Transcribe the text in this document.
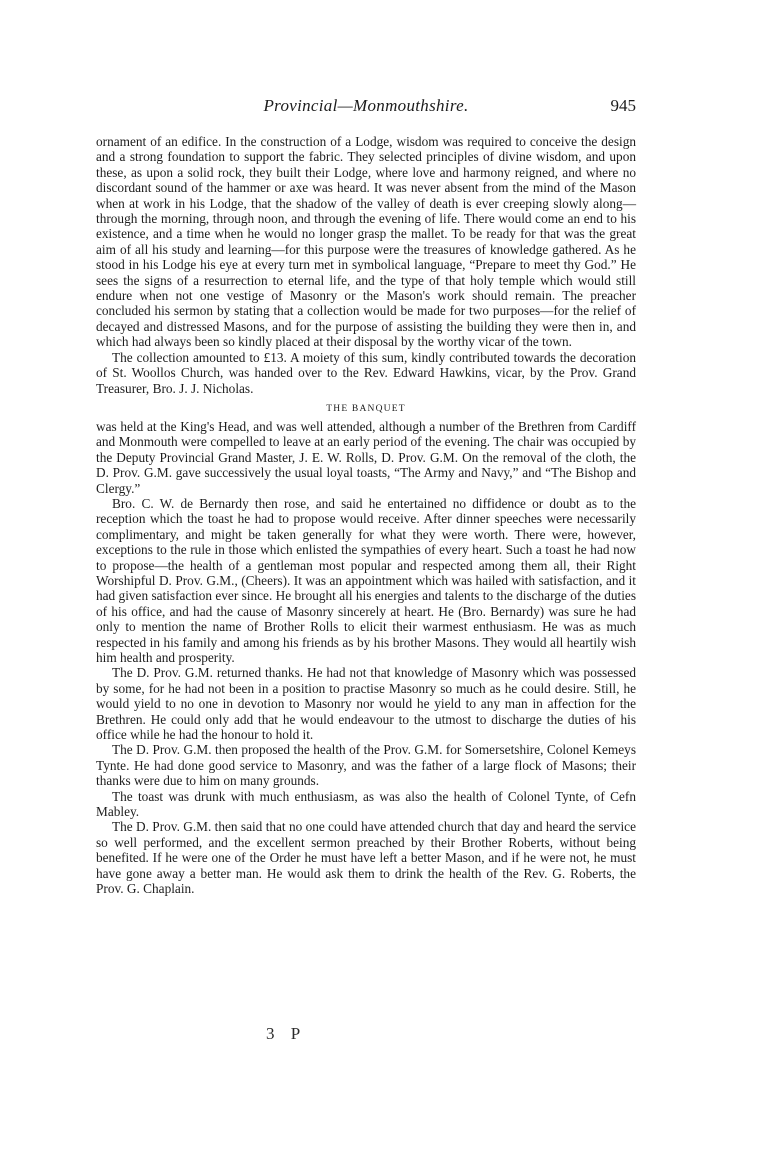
Provincial—Monmouthshire.	945

ornament of an edifice. In the construction of a Lodge, wisdom was required to conceive the design and a strong foundation to support the fabric. They selected principles of divine wisdom, and upon these, as upon a solid rock, they built their Lodge, where love and harmony reigned, and where no discordant sound of the hammer or axe was heard. It was never absent from the mind of the Mason when at work in his Lodge, that the shadow of the valley of death is ever creeping slowly along—through the morning, through noon, and through the evening of life. There would come an end to his existence, and a time when he would no longer grasp the mallet. To be ready for that was the great aim of all his study and learning—for this purpose were the treasures of knowledge gathered. As he stood in his Lodge his eye at every turn met in symbolical language, “Prepare to meet thy God.” He sees the signs of a resurrection to eternal life, and the type of that holy temple which would still endure when not one vestige of Masonry or the Mason's work should remain. The preacher concluded his sermon by stating that a collection would be made for two purposes—for the relief of decayed and distressed Masons, and for the purpose of assisting the building they were then in, and which had always been so kindly placed at their disposal by the worthy vicar of the town.

The collection amounted to £13. A moiety of this sum, kindly contributed towards the decoration of St. Woollos Church, was handed over to the Rev. Edward Hawkins, vicar, by the Prov. Grand Treasurer, Bro. J. J. Nicholas.

THE BANQUET

was held at the King's Head, and was well attended, although a number of the Brethren from Cardiff and Monmouth were compelled to leave at an early period of the evening. The chair was occupied by the Deputy Provincial Grand Master, J. E. W. Rolls, D. Prov. G.M. On the removal of the cloth, the D. Prov. G.M. gave successively the usual loyal toasts, “The Army and Navy,” and “The Bishop and Clergy.”

Bro. C. W. de Bernardy then rose, and said he entertained no diffidence or doubt as to the reception which the toast he had to propose would receive. After dinner speeches were necessarily complimentary, and might be taken generally for what they were worth. There were, however, exceptions to the rule in those which enlisted the sympathies of every heart. Such a toast he had now to propose—the health of a gentleman most popular and respected among them all, their Right Worshipful D. Prov. G.M., (Cheers). It was an appointment which was hailed with satisfaction, and it had given satisfaction ever since. He brought all his energies and talents to the discharge of the duties of his office, and had the cause of Masonry sincerely at heart. He (Bro. Bernardy) was sure he had only to mention the name of Brother Rolls to elicit their warmest enthusiasm. He was as much respected in his family and among his friends as by his brother Masons. They would all heartily wish him health and prosperity.

The D. Prov. G.M. returned thanks. He had not that knowledge of Masonry which was possessed by some, for he had not been in a position to practise Masonry so much as he could desire. Still, he would yield to no one in devotion to Masonry nor would he yield to any man in affection for the Brethren. He could only add that he would endeavour to the utmost to discharge the duties of his office while he had the honour to hold it.

The D. Prov. G.M. then proposed the health of the Prov. G.M. for Somersetshire, Colonel Kemeys Tynte. He had done good service to Masonry, and was the father of a large flock of Masons; their thanks were due to him on many grounds.

The toast was drunk with much enthusiasm, as was also the health of Colonel Tynte, of Cefn Mabley.

The D. Prov. G.M. then said that no one could have attended church that day and heard the service so well performed, and the excellent sermon preached by their Brother Roberts, without being benefited. If he were one of the Order he must have left a better Mason, and if he were not, he must have gone away a better man. He would ask them to drink the health of the Rev. G. Roberts, the Prov. G. Chaplain.

3 P
